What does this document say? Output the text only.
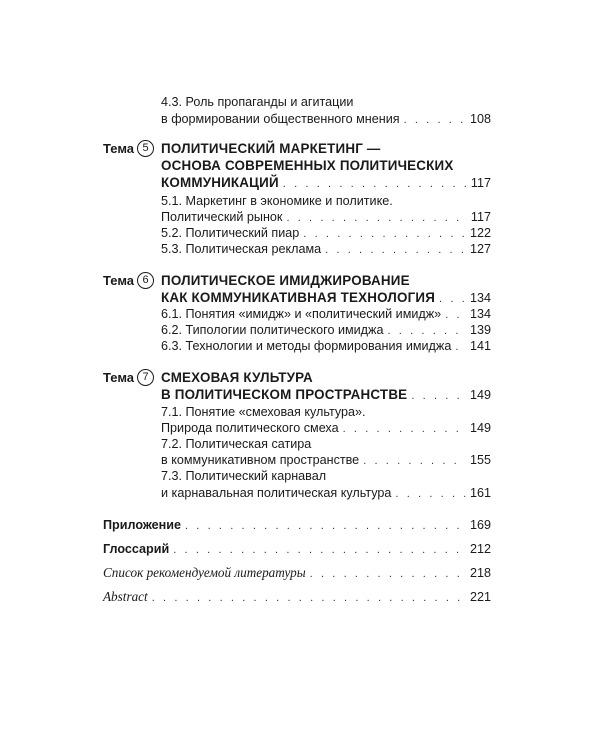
4.3. Роль пропаганды и агитации
в формировании общественного мнения . . .	108
Тема 5 ПОЛИТИЧЕСКИЙ МАРКЕТИНГ —
ОСНОВА СОВРЕМЕННЫХ ПОЛИТИЧЕСКИХ
КОММУНИКАЦИЙ . . .	117
5.1. Маркетинг в экономике и политике.
Политический рынок . . .	117
5.2. Политический пиар . . .	122
5.3. Политическая реклама . . .	127
Тема 6 ПОЛИТИЧЕСКОЕ ИМИДЖИРОВАНИЕ
КАК КОММУНИКАТИВНАЯ ТЕХНОЛОГИЯ . . .	134
6.1. Понятия «имидж» и «политический имидж» . . . 134
6.2. Типологии политического имиджа . . .	139
6.3. Технологии и методы формирования имиджа . . . 141
Тема 7 СМЕХОВАЯ КУЛЬТУРА
В ПОЛИТИЧЕСКОМ ПРОСТРАНСТВЕ . . .	149
7.1. Понятие «смеховая культура».
Природа политического смеха . . .	149
7.2. Политическая сатира
в коммуникативном пространстве . . .	155
7.3. Политический карнавал
и карнавальная политическая культура . . .	161
Приложение . . .	169
Глоссарий . . .	212
Список рекомендуемой литературы . . .	218
Abstract . . .	221
